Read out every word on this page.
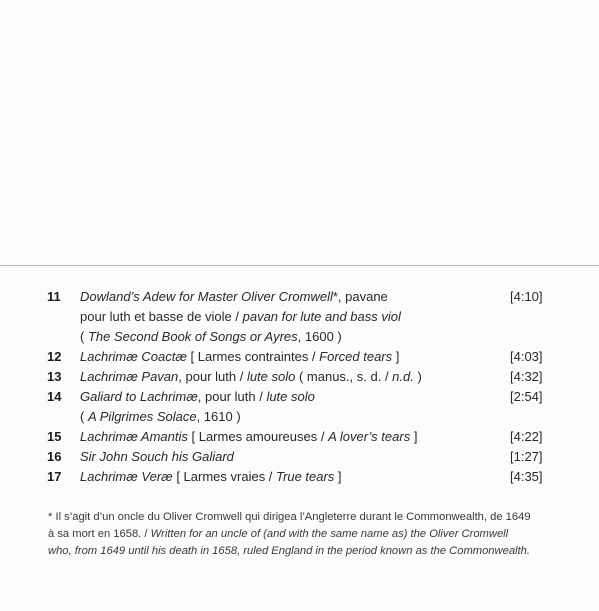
11 Dowland’s Adew for Master Oliver Cromwell*, pavane	[4:10]
pour luth et basse de viole / pavan for lute and bass viol
( The Second Book of Songs or Ayres, 1600 )
12 Lachrimæ Coactæ [ Larmes contraintes / Forced tears ]	[4:03]
13 Lachrimæ Pavan, pour luth / lute solo ( manus., s. d. / n.d. )	[4:32]
14 Galiard to Lachrimæ, pour luth / lute solo	[2:54]
( A Pilgrimes Solace, 1610 )
15 Lachrimæ Amantis [ Larmes amoureuses / A lover’s tears ]	[4:22]
16 Sir John Souch his Galiard	[1:27]
17 Lachrimæ Veræ [ Larmes vraies / True tears ]	[4:35]
* Il s’agit d’un oncle du Oliver Cromwell qui dirigea l’Angleterre durant le Commonwealth, de 1649
à sa mort en 1658. / Written for an uncle of (and with the same name as) the Oliver Cromwell
who, from 1649 until his death in 1658, ruled England in the period known as the Commonwealth.
